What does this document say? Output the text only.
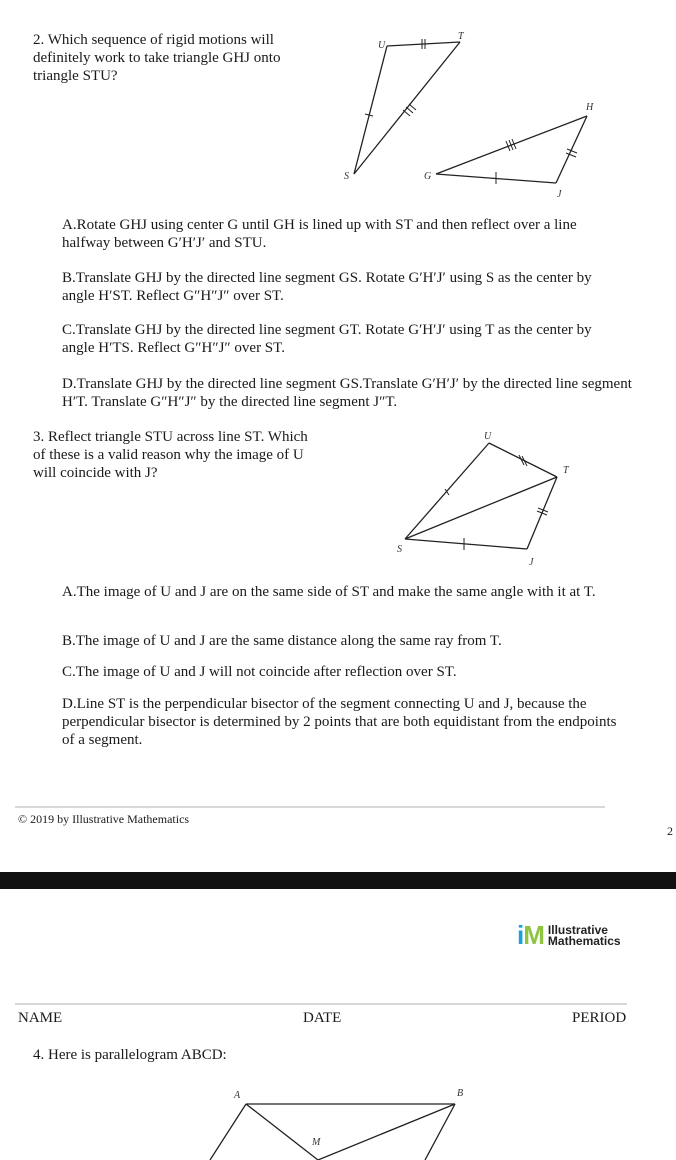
2. Which sequence of rigid motions will definitely work to take triangle GHJ onto triangle STU?
U
T
S	G
H
J
A.Rotate GHJ using center G until GH is lined up with ST and then reflect over a line halfway between G′H′J′ and STU.
B.Translate GHJ by the directed line segment GS. Rotate G′H′J′ using S as the center by angle H′ST. Reflect G″H″J″ over ST.
C.Translate GHJ by the directed line segment GT. Rotate G′H′J′ using T as the center by angle H′TS. Reflect G″H″J″ over ST.
D.Translate GHJ by the directed line segment GS.Translate G′H′J′ by the directed line segment H′T. Translate G″H″J″ by the directed line segment J″T.
3. Reflect triangle STU across line ST. Which of these is a valid reason why the image of U will coincide with J?
U
T
S
J
A.The image of U and J are on the same side of ST and make the same angle with it at T.
B.The image of U and J are the same distance along the same ray from T.
C.The image of U and J will not coincide after reflection over ST.
D.Line ST is the perpendicular bisector of the segment connecting U and J, because the perpendicular bisector is determined by 2 points that are both equidistant from the endpoints of a segment.
© 2019 by Illustrative Mathematics
2
i M Illustrative
Mathematics
NAME	DATE	PERIOD
4. Here is parallelogram ABCD:
A	B
M
